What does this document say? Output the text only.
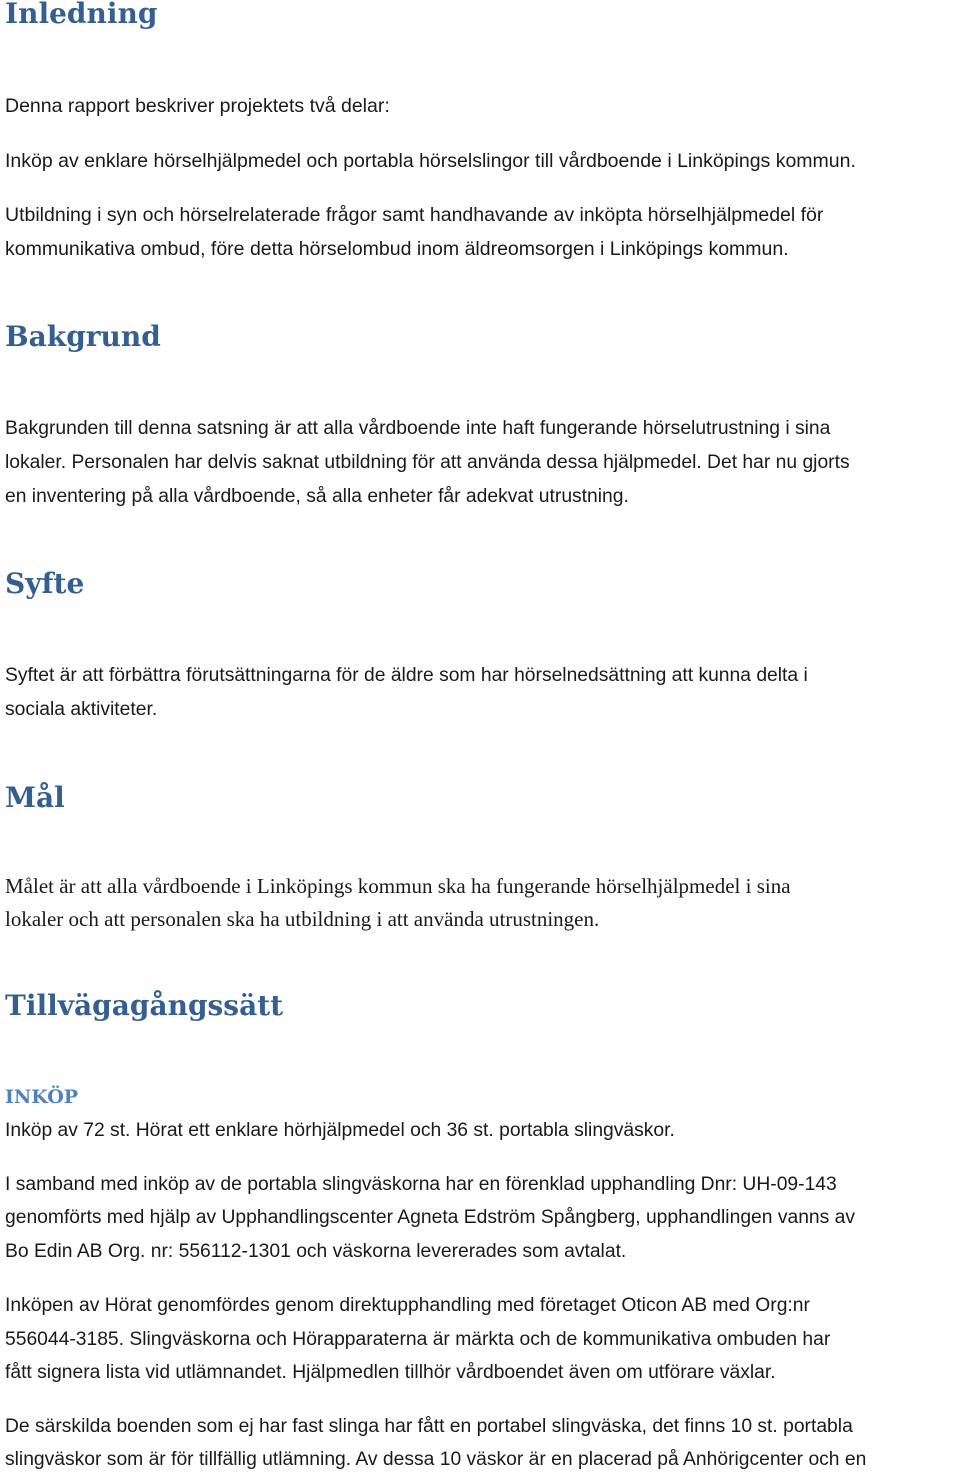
Inledning

Denna rapport beskriver projektets två delar:

Inköp av enklare hörselhjälpmedel och portabla hörselslingor till vårdboende i Linköpings kommun.

Utbildning i syn och hörselrelaterade frågor samt handhavande av inköpta hörselhjälpmedel för

kommunikativa ombud, före detta hörselombud inom äldreomsorgen i Linköpings kommun.

Bakgrund

Bakgrunden till denna satsning är att alla vårdboende inte haft fungerande hörselutrustning i sina

lokaler. Personalen har delvis saknat utbildning för att använda dessa hjälpmedel. Det har nu gjorts

en inventering på alla vårdboende, så alla enheter får adekvat utrustning.

Syfte

Syftet är att förbättra förutsättningarna för de äldre som har hörselnedsättning att kunna delta i

sociala aktiviteter.

Mål

Målet är att alla vårdboende i Linköpings kommun ska ha fungerande hörselhjälpmedel i sina

lokaler och att personalen ska ha utbildning i att använda utrustningen.

Tillvägagångssätt
INKÖP

Inköp av 72 st. Hörat ett enklare hörhjälpmedel och 36 st. portabla slingväskor.

I samband med inköp av de portabla slingväskorna har en förenklad upphandling Dnr: UH-09-143

genomförts med hjälp av Upphandlingscenter Agneta Edström Spångberg, upphandlingen vanns av

Bo Edin AB Org. nr: 556112-1301 och väskorna levererades som avtalat.

Inköpen av Hörat genomfördes genom direktupphandling med företaget Oticon AB med Org:nr

556044-3185. Slingväskorna och Hörapparaterna är märkta och de kommunikativa ombuden har

fått signera lista vid utlämnandet. Hjälpmedlen tillhör vårdboendet även om utförare växlar.

De särskilda boenden som ej har fast slinga har fått en portabel slingväska, det finns 10 st. portabla

slingväskor som är för tillfällig utlämning. Av dessa 10 väskor är en placerad på Anhörigcenter och en
